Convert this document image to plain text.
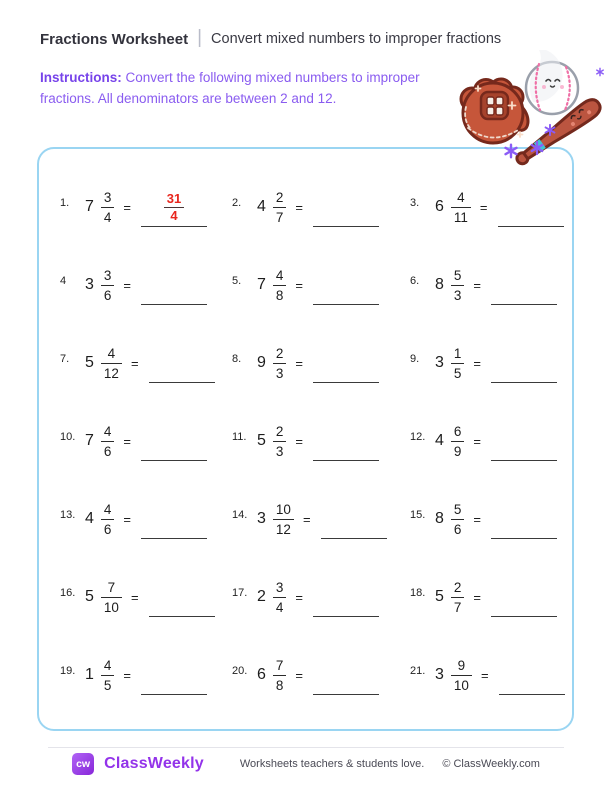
Fractions Worksheet | Convert mixed numbers to improper fractions
Instructions: Convert the following mixed numbers to improper fractions. All denominators are between 2 and 12.
1. $7 \frac{3}{4}$ =	$\frac{31}{4}$	2. $4 \frac{2}{7}$ =	3. $6 \frac{4}{11}$ =
4	$3 \frac{3}{6}$ =	5. $7 \frac{4}{8}$ =	6. $8 \frac{5}{3}$ =
7. $5 \frac{4}{12}$ =	8. $9 \frac{2}{3}$ =	9. $3 \frac{1}{5}$ =
10. $7 \frac{4}{6}$ =	11. $5 \frac{2}{3}$ =	12. $4 \frac{6}{9}$ =
13. $4 \frac{4}{6}$ =	14. $3 \frac{10}{12}$ =	15. $8 \frac{5}{6}$ =
16. $5 \frac{7}{10}$ =	17. $2 \frac{3}{4}$ =	18. $5 \frac{2}{7}$ =
19. $1 \frac{4}{5}$ =	20. $6 \frac{7}{8}$ =	21. $3 \frac{9}{10}$ =
cw ClassWeekly	Worksheets teachers & students love. © ClassWeekly.com
